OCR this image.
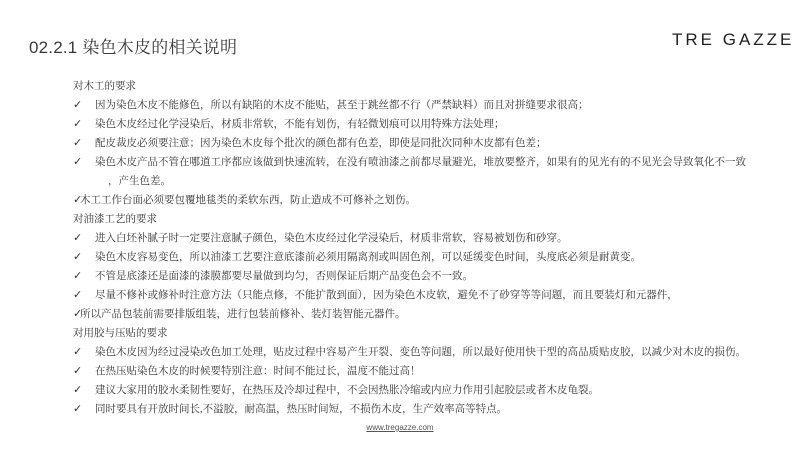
02.2.1 染色木皮的相关说明	TRE GAZZE
对木工的要求
✓ 因为染色木皮不能修色，所以有缺陷的木皮不能贴，甚至于跳丝都不行（严禁缺料）而且对拼缝要求很高；
✓ 染色木皮经过化学浸染后，材质非常软，不能有划伤，有轻微划痕可以用特殊方法处理；
✓ 配皮裁皮必须要注意；因为染色木皮每个批次的颜色都有色差，即使是同批次同种木皮都有色差；
✓ 染色木皮产品不管在哪道工序都应该做到快速流转，在没有喷油漆之前都尽量避光，堆放要整齐，如果有的见光有的不见光会导致氧化不一致
，产生色差。
✓
木工工作台面必须要包覆地毯类的柔软东西，防止造成不可修补之划伤。
对油漆工艺的要求
✓ 进入白坯补腻子时一定要注意腻子颜色，染色木皮经过化学浸染后，材质非常软，容易被划伤和砂穿。
✓ 染色木皮容易变色，所以油漆工艺要注意底漆前必须用隔离剂或叫固色剂，可以延缓变色时间，头度底必须是耐黄变。
✓ 不管是底漆还是面漆的漆膜都要尽量做到均匀，否则保证后期产品变色会不一致。
✓ 尽量不修补或修补时注意方法（只能点修，不能扩散到面），因为染色木皮软，避免不了砂穿等等问题，而且要装灯和元器件，
✓
所以产品包装前需要排版组装，进行包装前修补、装灯装智能元器件。
对用胶与压贴的要求
✓ 染色木皮因为经过浸染改色加工处理，贴皮过程中容易产生开裂、变色等问题，所以最好使用快干型的高品质贴皮胶，以减少对木皮的损伤。
✓ 在热压贴染色木皮的时候要特别注意：时间不能过长，温度不能过高！
✓ 建议大家用的胶水柔韧性要好，在热压及冷却过程中，不会因热胀冷缩或内应力作用引起胶层或者木皮龟裂。
✓ 同时要具有开放时间长,不溢胶，耐高温，热压时间短，不损伤木皮，生产效率高等特点。
www.tregazze.com
